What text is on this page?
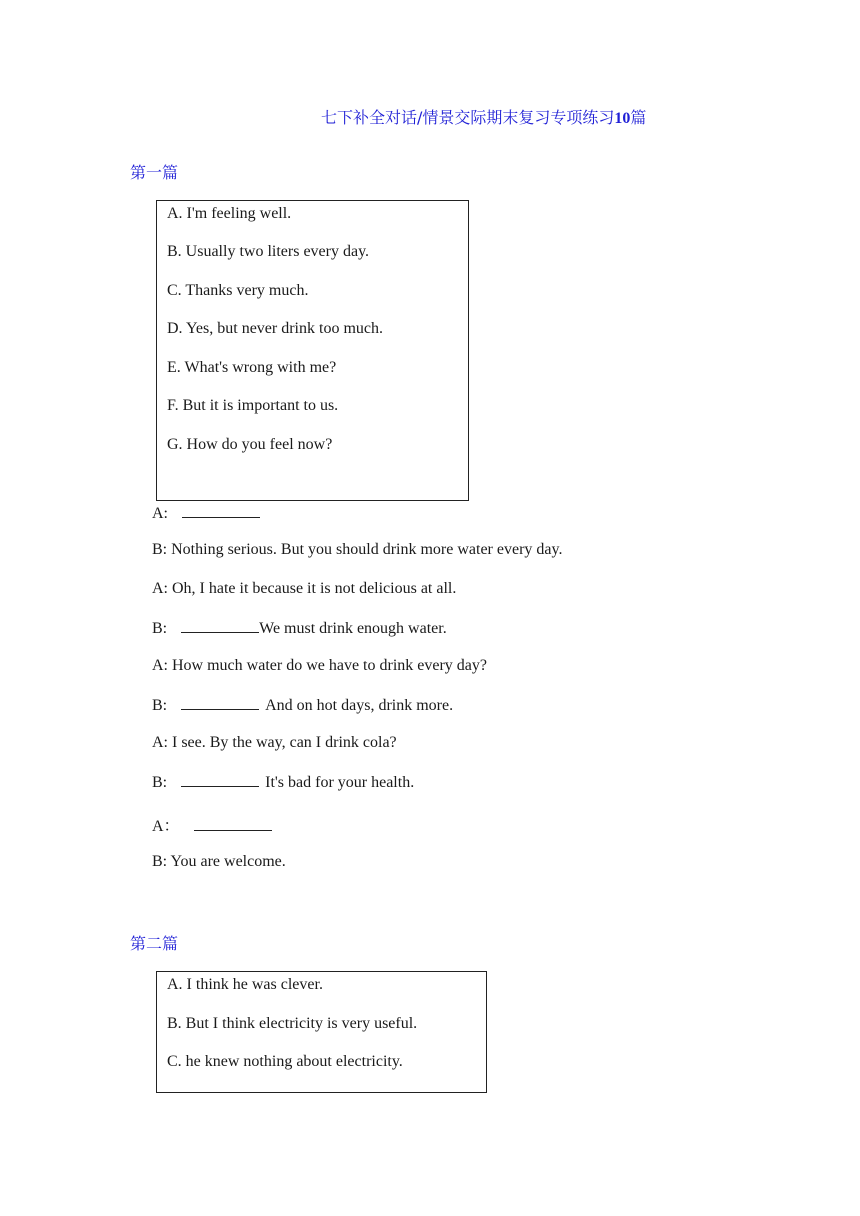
七下补全对话/情景交际期末复习专项练习10篇
第一篇
A. I'm feeling well.
B. Usually two liters every day.
C. Thanks very much.
D. Yes, but never drink too much.
E. What's wrong with me?
F. But it is important to us.
G. How do you feel now?
A:
B: Nothing serious. But you should drink more water every day.
A: Oh, I hate it because it is not delicious at all.
B:	We must drink enough water.
A: How much water do we have to drink every day?
B:	And on hot days, drink more.
A: I see. By the way, can I drink cola?
B:	It's bad for your health.
A：
B: You are welcome.
第二篇
A. I think he was clever.
B. But I think electricity is very useful.
C. he knew nothing about electricity.
